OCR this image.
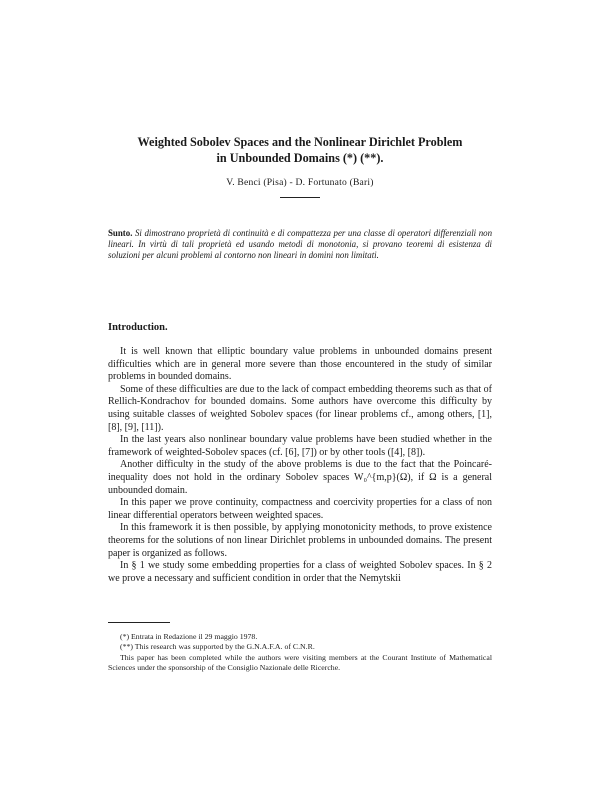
Weighted Sobolev Spaces and the Nonlinear Dirichlet Problem
in Unbounded Domains (*) (**).
V. Benci (Pisa) - D. Fortunato (Bari)
Sunto. Si dimostrano proprietà di continuità e di compattezza per una classe di operatori differenziali non lineari. In virtù di tali proprietà ed usando metodi di monotonia, si provano teoremi di esistenza di soluzioni per alcuni problemi al contorno non lineari in domini non limitati.
Introduction.

It is well known that elliptic boundary value problems in unbounded domains present difficulties which are in general more severe than those encountered in the study of similar problems in bounded domains.

Some of these difficulties are due to the lack of compact embedding theorems such as that of Rellich-Kondrachov for bounded domains. Some authors have overcome this difficulty by using suitable classes of weighted Sobolev spaces (for linear problems cf., among others, [1], [8], [9], [11]).

In the last years also nonlinear boundary value problems have been studied whether in the framework of weighted-Sobolev spaces (cf. [6], [7]) or by other tools ([4], [8]).

Another difficulty in the study of the above problems is due to the fact that the Poincaré-inequality does not hold in the ordinary Sobolev spaces W₀^{m,p}(Ω), if Ω is a general unbounded domain.

In this paper we prove continuity, compactness and coercivity properties for a class of non linear differential operators between weighted spaces.

In this framework it is then possible, by applying monotonicity methods, to prove existence theorems for the solutions of non linear Dirichlet problems in unbounded domains. The present paper is organized as follows.

In § 1 we study some embedding properties for a class of weighted Sobolev spaces. In § 2 we prove a necessary and sufficient condition in order that the Nemytskii

(*) Entrata in Redazione il 29 maggio 1978.

(**) This research was supported by the G.N.A.F.A. of C.N.R.

This paper has been completed while the authors were visiting members at the Courant Institute of Mathematical Sciences under the sponsorship of the Consiglio Nazionale delle Ricerche.
